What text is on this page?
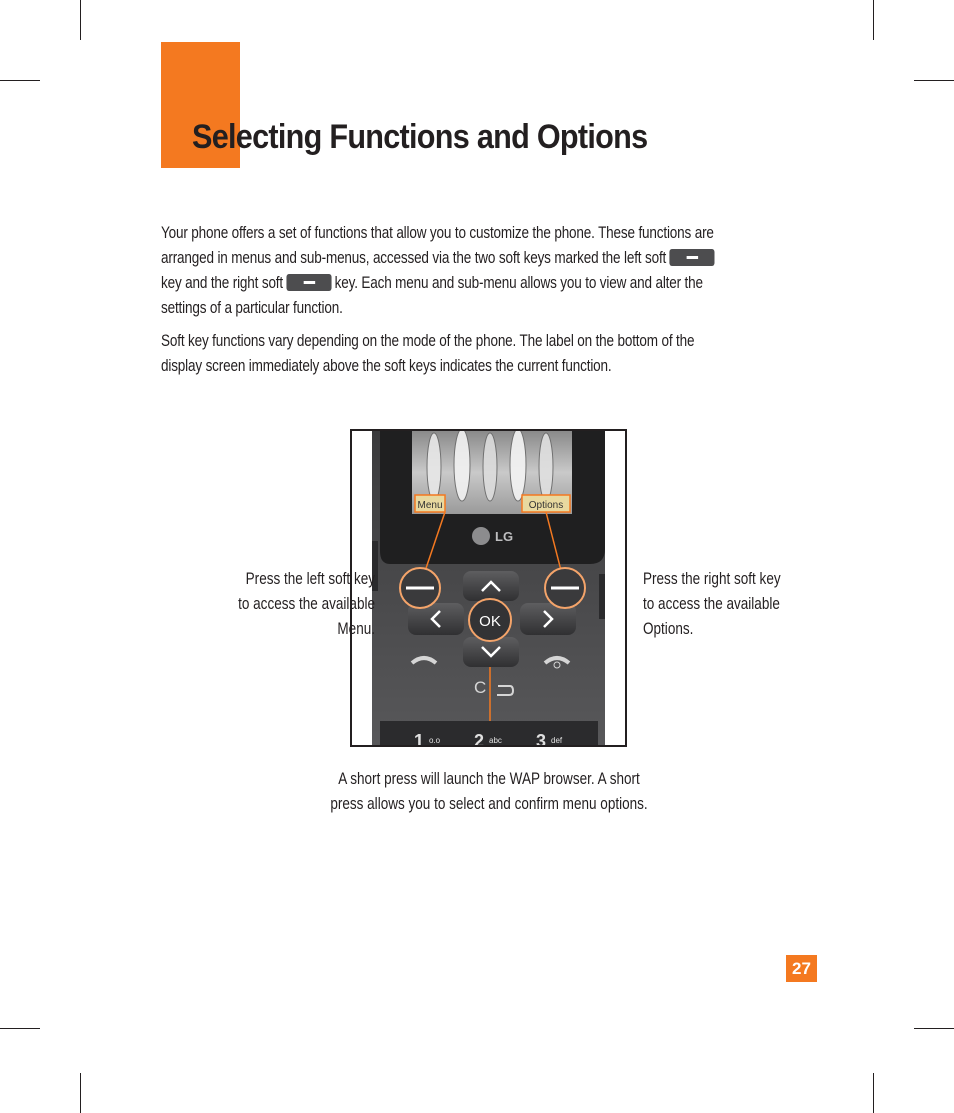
Selecting Functions and Options

Your phone offers a set of functions that allow you to customize the phone. These functions are arranged in menus and sub-menus, accessed via the two soft keys marked the left softkey and the right soft	key. Each menu and sub-menu allows you to view and alter the settings of a particular function.

Soft key functions vary depending on the mode of the phone. The label on the bottom of the display screen immediately above the soft keys indicates the current function.

Menu	Options
LG
OK
C
1 o.o 2 abc 3 def
Press the left soft key
to access the available
Menu.
Press the right soft key
to access the available
Options.
A short press will launch the WAP browser. A short
press allows you to select and confirm menu options.
27
